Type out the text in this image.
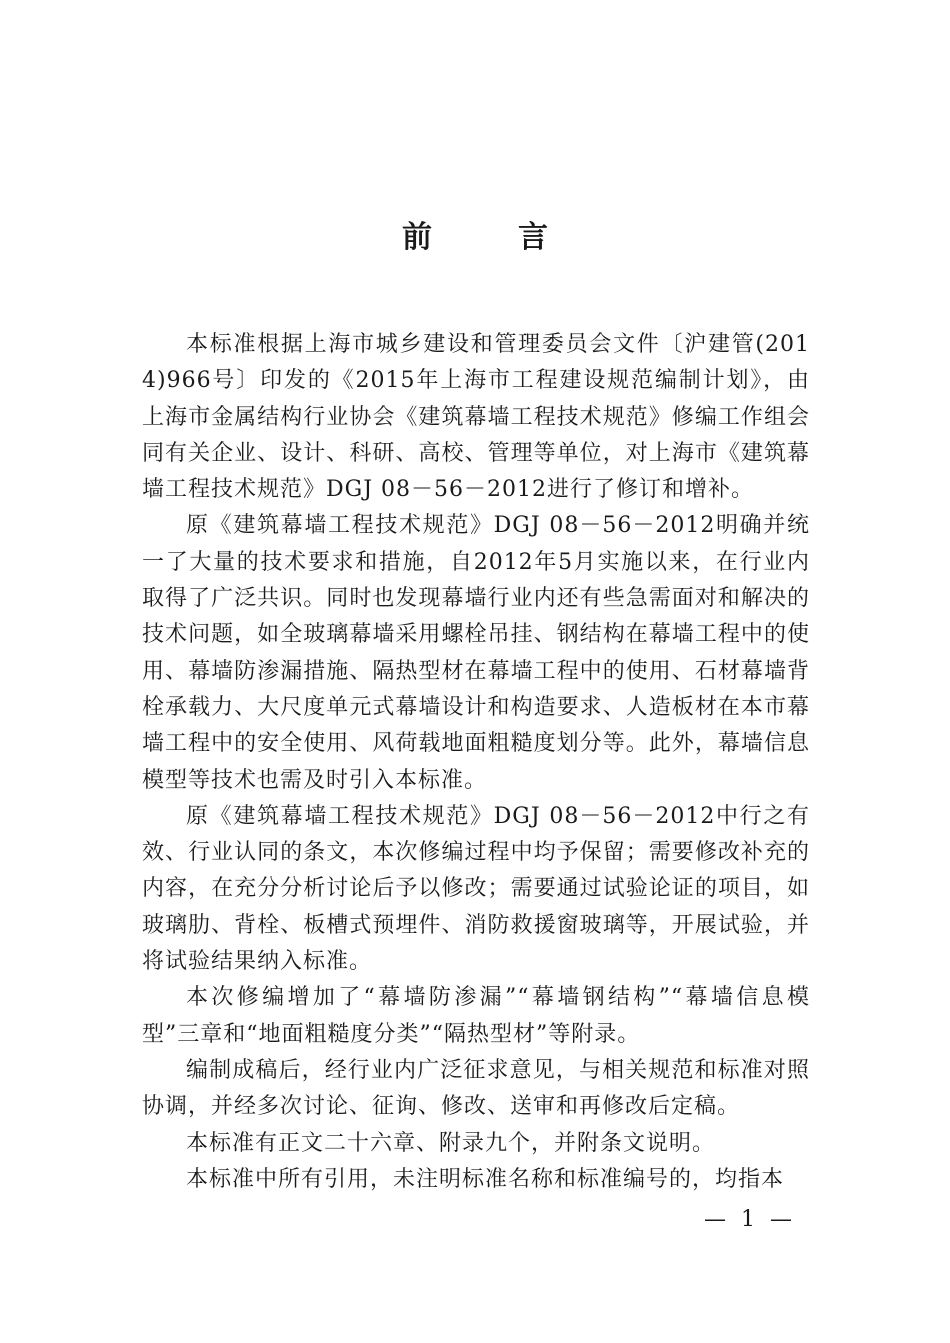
前　言

本标准根据上海市城乡建设和管理委员会文件〔沪建管(2014)966号〕印发的《2015年上海市工程建设规范编制计划》，由上海市金属结构行业协会《建筑幕墙工程技术规范》修编工作组会同有关企业、设计、科研、高校、管理等单位，对上海市《建筑幕墙工程技术规范》DGJ 08－56－2012进行了修订和增补。

原《建筑幕墙工程技术规范》DGJ 08－56－2012明确并统一了大量的技术要求和措施，自2012年5月实施以来，在行业内取得了广泛共识。同时也发现幕墙行业内还有些急需面对和解决的技术问题，如全玻璃幕墙采用螺栓吊挂、钢结构在幕墙工程中的使用、幕墙防渗漏措施、隔热型材在幕墙工程中的使用、石材幕墙背栓承载力、大尺度单元式幕墙设计和构造要求、人造板材在本市幕墙工程中的安全使用、风荷载地面粗糙度划分等。此外，幕墙信息模型等技术也需及时引入本标准。

原《建筑幕墙工程技术规范》DGJ 08－56－2012中行之有效、行业认同的条文，本次修编过程中均予保留；需要修改补充的内容，在充分分析讨论后予以修改；需要通过试验论证的项目，如玻璃肋、背栓、板槽式预埋件、消防救援窗玻璃等，开展试验，并将试验结果纳入标准。

本次修编增加了“幕墙防渗漏”“幕墙钢结构”“幕墙信息模型”三章和“地面粗糙度分类”“隔热型材”等附录。

编制成稿后，经行业内广泛征求意见，与相关规范和标准对照协调，并经多次讨论、征询、修改、送审和再修改后定稿。

本标准有正文二十六章、附录九个，并附条文说明。

本标准中所有引用，未注明标准名称和标准编号的，均指本

— 1 —
